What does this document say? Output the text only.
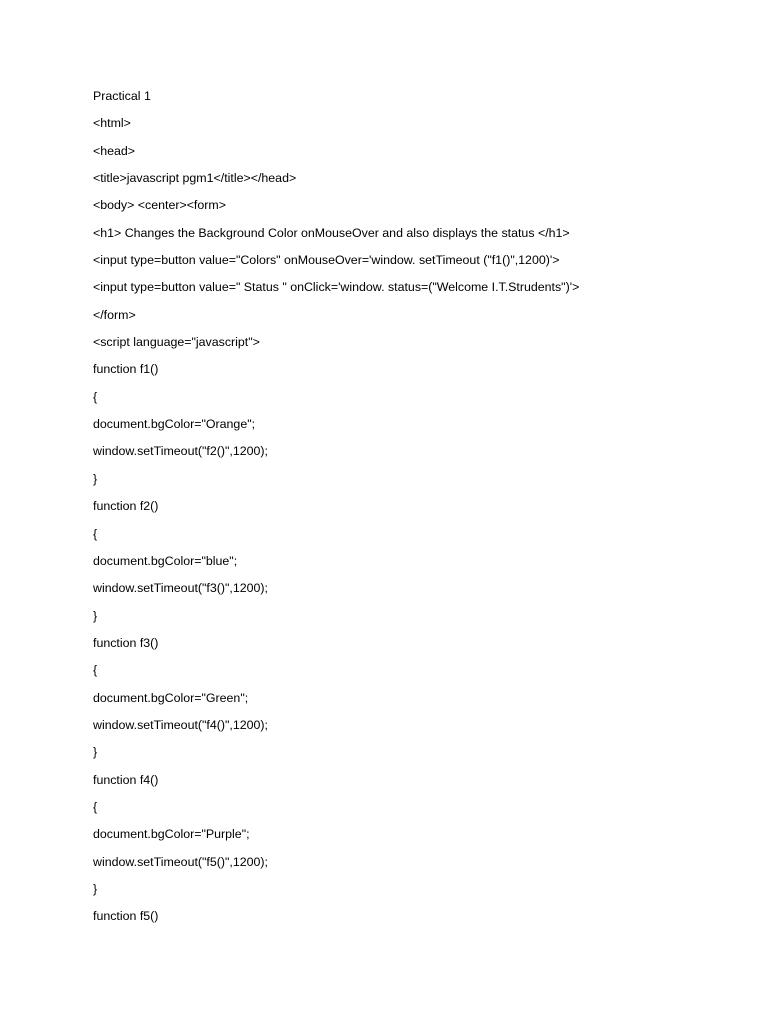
Practical 1
<html>
<head>
<title>javascript pgm1</title></head>
<body> <center><form>
<h1> Changes the Background Color onMouseOver and also displays the status </h1>
<input type=button value="Colors" onMouseOver='window. setTimeout ("f1()",1200)'>
<input type=button value=" Status " onClick='window. status=("Welcome I.T.Strudents")'>
</form>
<script language="javascript">
function f1()
{
document.bgColor="Orange";
window.setTimeout("f2()",1200);
}
function f2()
{
document.bgColor="blue";
window.setTimeout("f3()",1200);
}
function f3()
{
document.bgColor="Green";
window.setTimeout("f4()",1200);
}
function f4()
{
document.bgColor="Purple";
window.setTimeout("f5()",1200);
}
function f5()
